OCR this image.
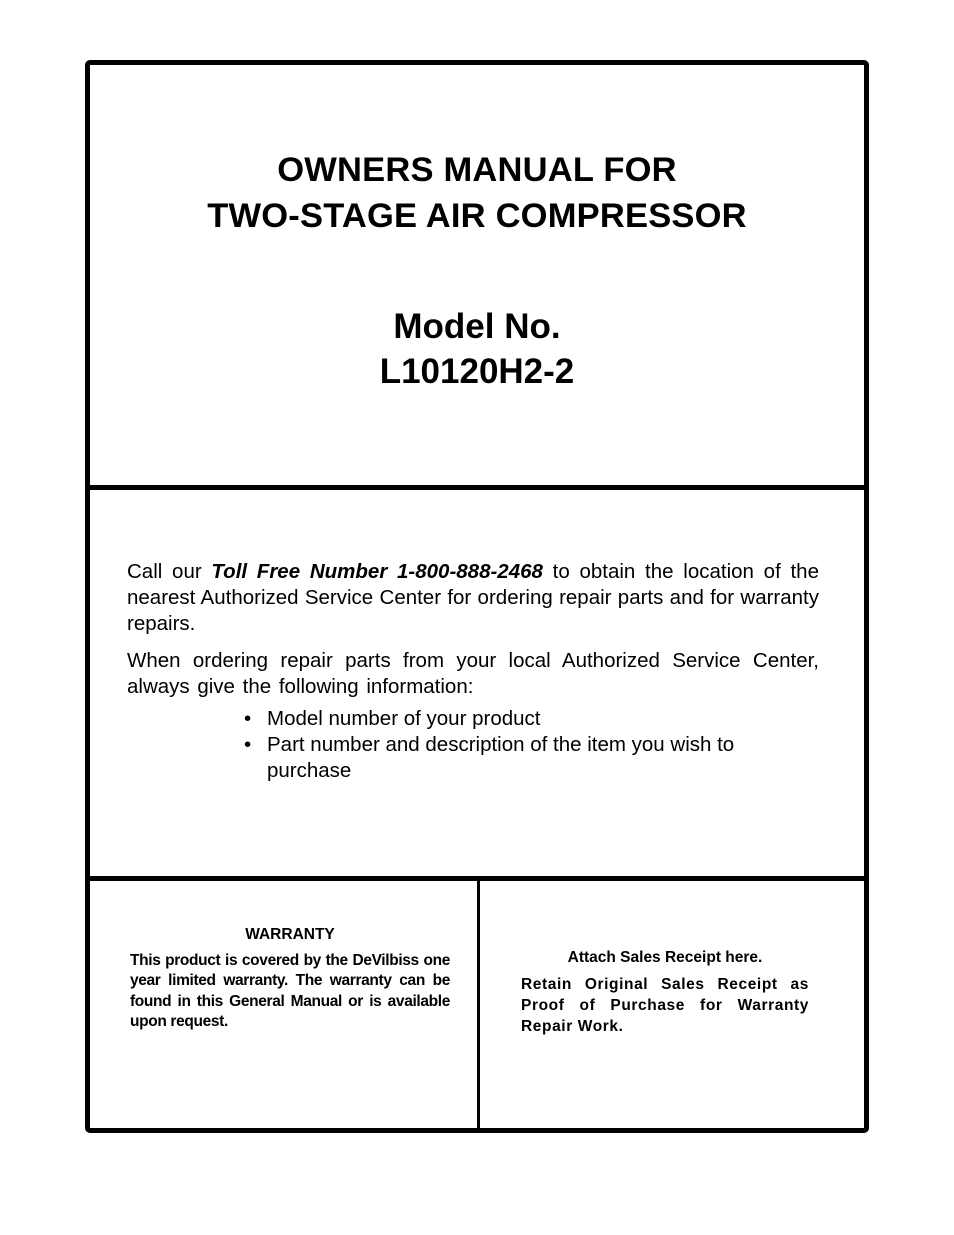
OWNERS MANUAL FOR
TWO-STAGE AIR COMPRESSOR
Model No.
L10120H2-2

Call our Toll Free Number 1-800-888-2468 to obtain the location of the nearest Authorized Service Center for ordering repair parts and for warranty repairs.

When ordering repair parts from your local Authorized Service Center, always give the following information:

• Model number of your product
• Part number and description of the item you wish to purchase
WARRANTY
This product is covered by the DeVilbiss one year limited warranty. The warranty can be found in this General Manual or is available upon request.
Attach Sales Receipt here.
Retain Original Sales Receipt as Proof of Purchase for Warranty Repair Work.
